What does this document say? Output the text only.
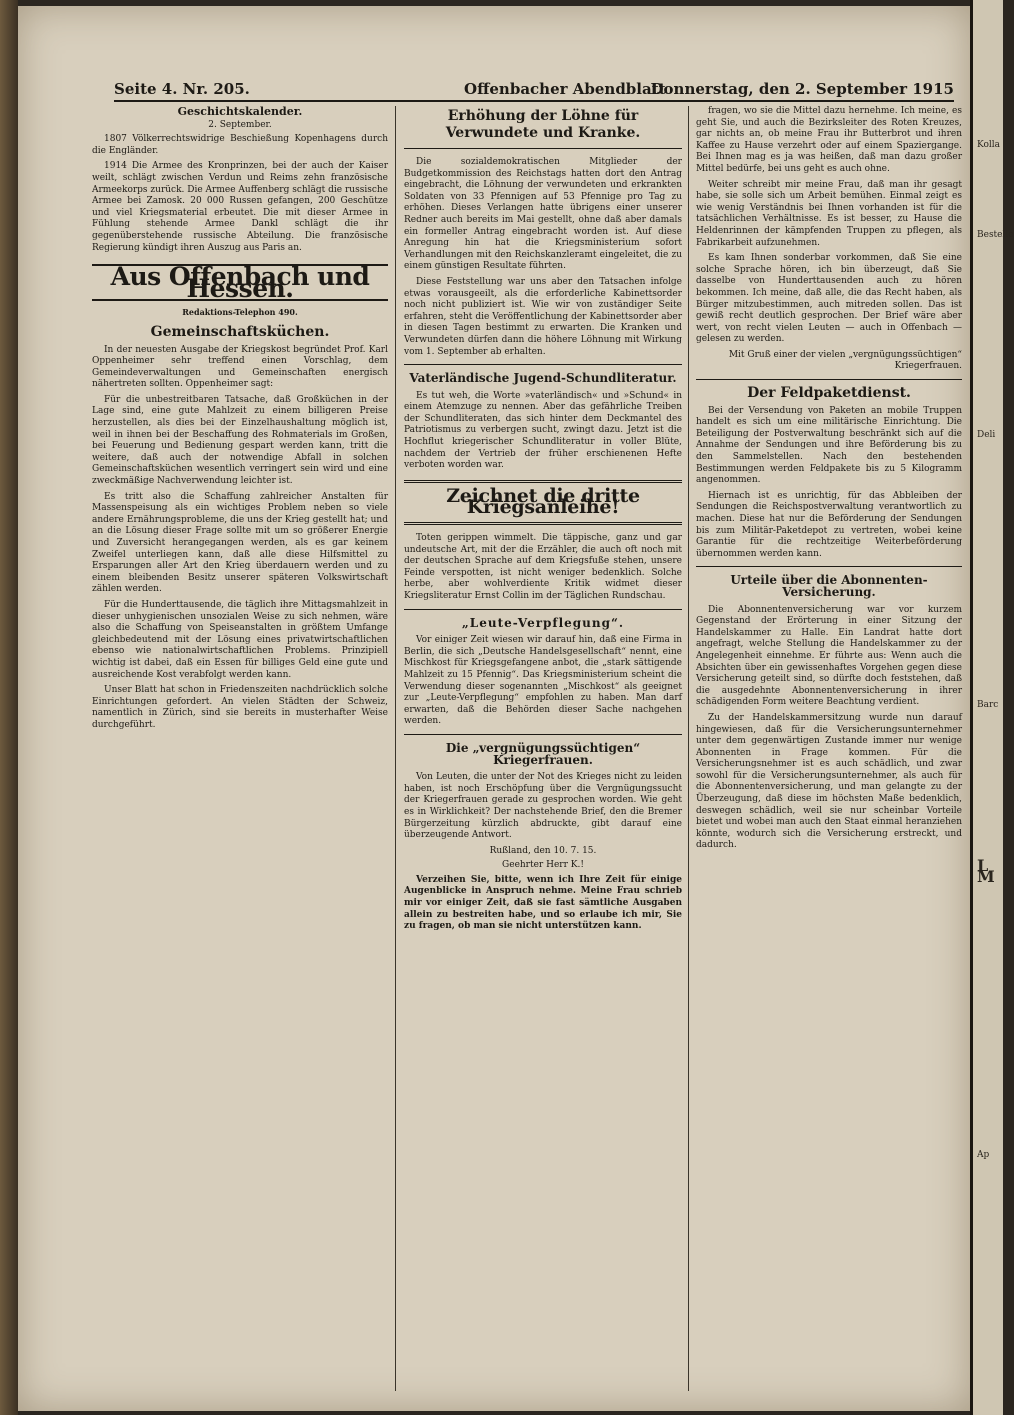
Seite 4. Nr. 205.	Offenbacher Abendblatt
Donnerstag, den 2. September 1915
Geschichtskalender.
2. September.

1807 Völkerrechtswidrige Beschießung Kopenhagens durch die Engländer.

1914 Die Armee des Kronprinzen, bei der auch der Kaiser weilt, schlägt zwischen Verdun und Reims zehn französische Armeekorps zurück. Die Armee Auffenberg schlägt die russische Armee bei Zamosk. 20 000 Russen gefangen, 200 Geschütze und viel Kriegsmaterial erbeutet. Die mit dieser Armee in Fühlung stehende Armee Dankl schlägt die ihr gegenüberstehende russische Abteilung. Die französische Regierung kündigt ihren Auszug aus Paris an.

Aus Offenbach und Hessen.
Redaktions-Telephon 490.
Gemeinschaftsküchen.

In der neuesten Ausgabe der Kriegskost begründet Prof. Karl Oppenheimer sehr treffend einen Vorschlag, dem Gemeindeverwaltungen und Gemeinschaften energisch nähertreten sollten. Oppenheimer sagt:

Für die unbestreitbaren Tatsache, daß Großküchen in der Lage sind, eine gute Mahlzeit zu einem billigeren Preise herzustellen, als dies bei der Einzelhaushaltung möglich ist, weil in ihnen bei der Beschaffung des Rohmaterials im Großen, bei Feuerung und Bedienung gespart werden kann, tritt die weitere, daß auch der notwendige Abfall in solchen Gemeinschaftsküchen wesentlich verringert sein wird und eine zweckmäßige Nachverwendung leichter ist.

Es tritt also die Schaffung zahlreicher Anstalten für Massenspeisung als ein wichtiges Problem neben so viele andere Ernährungsprobleme, die uns der Krieg gestellt hat; und an die Lösung dieser Frage sollte mit um so größerer Energie und Zuversicht herangegangen werden, als es gar keinem Zweifel unterliegen kann, daß alle diese Hilfsmittel zu Ersparungen aller Art den Krieg überdauern werden und zu einem bleibenden Besitz unserer späteren Volkswirtschaft zählen werden.

Für die Hunderttausende, die täglich ihre Mittagsmahlzeit in dieser unhygienischen unsozialen Weise zu sich nehmen, wäre also die Schaffung von Speiseanstalten in größtem Umfange gleichbedeutend mit der Lösung eines privatwirtschaftlichen ebenso wie nationalwirtschaftlichen Problems. Prinzipiell wichtig ist dabei, daß ein Essen für billiges Geld eine gute und ausreichende Kost verabfolgt werden kann.

Unser Blatt hat schon in Friedenszeiten nachdrücklich solche Einrichtungen gefordert. An vielen Städten der Schweiz, namentlich in Zürich, sind sie bereits in musterhafter Weise durchgeführt.

Erhöhung der Löhne für Verwundete und Kranke.

Die sozialdemokratischen Mitglieder der Budgetkommission des Reichstags hatten dort den Antrag eingebracht, die Löhnung der verwundeten und erkrankten Soldaten von 33 Pfennigen auf 53 Pfennige pro Tag zu erhöhen. Dieses Verlangen hatte übrigens einer unserer Redner auch bereits im Mai gestellt, ohne daß aber damals ein formeller Antrag eingebracht worden ist. Auf diese Anregung hin hat die Kriegsministerium sofort Verhandlungen mit den Reichskanzleramt eingeleitet, die zu einem günstigen Resultate führten.

Diese Feststellung war uns aber den Tatsachen infolge etwas vorausgeeilt, als die erforderliche Kabinettsorder noch nicht publiziert ist. Wie wir von zuständiger Seite erfahren, steht die Veröffentlichung der Kabinettsorder aber in diesen Tagen bestimmt zu erwarten. Die Kranken und Verwundeten dürfen dann die höhere Löhnung mit Wirkung vom 1. September ab erhalten.

Vaterländische Jugend-Schundliteratur.

Es tut weh, die Worte »vaterländisch« und »Schund« in einem Atemzuge zu nennen. Aber das gefährliche Treiben der Schundliteraten, das sich hinter dem Deckmantel des Patriotismus zu verbergen sucht, zwingt dazu. Jetzt ist die Hochflut kriegerischer Schundliteratur in voller Blüte, nachdem der Vertrieb der früher erschienenen Hefte verboten worden war.

Zeichnet die dritte Kriegsanleihe!

Toten gerippen wimmelt. Die täppische, ganz und gar undeutsche Art, mit der die Erzähler, die auch oft noch mit der deutschen Sprache auf dem Kriegsfuße stehen, unsere Feinde verspotten, ist nicht weniger bedenklich. Solche herbe, aber wohlverdiente Kritik widmet dieser Kriegsliteratur Ernst Collin im der Täglichen Rundschau.

„Leute-Verpflegung“.

Vor einiger Zeit wiesen wir darauf hin, daß eine Firma in Berlin, die sich „Deutsche Handelsgesellschaft“ nennt, eine Mischkost für Kriegsgefangene anbot, die „stark sättigende Mahlzeit zu 15 Pfennig“. Das Kriegsministerium scheint die Verwendung dieser sogenannten „Mischkost“ als geeignet zur „Leute-Verpflegung“ empfohlen zu haben. Man darf erwarten, daß die Behörden dieser Sache nachgehen werden.

Die „vergnügungssüchtigen“ Kriegerfrauen.

Von Leuten, die unter der Not des Krieges nicht zu leiden haben, ist noch Erschöpfung über die Vergnügungssucht der Kriegerfrauen gerade zu gesprochen worden. Wie geht es in Wirklichkeit? Der nachstehende Brief, den die Bremer Bürgerzeitung kürzlich abdruckte, gibt darauf eine überzeugende Antwort.

Rußland, den 10. 7. 15.
Geehrter Herr K.!

Verzeihen Sie, bitte, wenn ich Ihre Zeit für einige Augenblicke in Anspruch nehme. Meine Frau schrieb mir vor einiger Zeit, daß sie fast sämtliche Ausgaben allein zu bestreiten habe, und so erlaube ich mir, Sie zu fragen, ob man sie nicht unterstützen kann.

fragen, wo sie die Mittel dazu hernehme. Ich meine, es geht Sie, und auch die Bezirksleiter des Roten Kreuzes, gar nichts an, ob meine Frau ihr Butterbrot und ihren Kaffee zu Hause verzehrt oder auf einem Spaziergange. Bei Ihnen mag es ja was heißen, daß man dazu großer Mittel bedürfe, bei uns geht es auch ohne.

Weiter schreibt mir meine Frau, daß man ihr gesagt habe, sie solle sich um Arbeit bemühen. Einmal zeigt es wie wenig Verständnis bei Ihnen vorhanden ist für die tatsächlichen Verhältnisse. Es ist besser, zu Hause die Heldenrinnen der kämpfenden Truppen zu pflegen, als Fabrikarbeit aufzunehmen.

Es kam Ihnen sonderbar vorkommen, daß Sie eine solche Sprache hören, ich bin überzeugt, daß Sie dasselbe von Hunderttausenden auch zu hören bekommen. Ich meine, daß alle, die das Recht haben, als Bürger mitzubestimmen, auch mitreden sollen. Das ist gewiß recht deutlich gesprochen. Der Brief wäre aber wert, von recht vielen Leuten — auch in Offenbach — gelesen zu werden.

Mit Gruß einer der vielen „vergnügungssüchtigen“ Kriegerfrauen.
Der Feldpaketdienst.

Bei der Versendung von Paketen an mobile Truppen handelt es sich um eine militärische Einrichtung. Die Beteiligung der Postverwaltung beschränkt sich auf die Annahme der Sendungen und ihre Beförderung bis zu den Sammelstellen. Nach den bestehenden Bestimmungen werden Feldpakete bis zu 5 Kilogramm angenommen.

Hiernach ist es unrichtig, für das Abbleiben der Sendungen die Reichspostverwaltung verantwortlich zu machen. Diese hat nur die Beförderung der Sendungen bis zum Militär-Paketdepot zu vertreten, wobei keine Garantie für die rechtzeitige Weiterbeförderung übernommen werden kann.

Urteile über die Abonnenten-Versicherung.

Die Abonnentenversicherung war vor kurzem Gegenstand der Erörterung in einer Sitzung der Handelskammer zu Halle. Ein Landrat hatte dort angefragt, welche Stellung die Handelskammer zu der Angelegenheit einnehme. Er führte aus: Wenn auch die Absichten über ein gewissenhaftes Vorgehen gegen diese Versicherung geteilt sind, so dürfte doch feststehen, daß die ausgedehnte Abonnentenversicherung in ihrer schädigenden Form weitere Beachtung verdient.

Zu der Handelskammersitzung wurde nun darauf hingewiesen, daß für die Versicherungsunternehmer unter dem gegenwärtigen Zustande immer nur wenige Abonnenten in Frage kommen. Für die Versicherungsnehmer ist es auch schädlich, und zwar sowohl für die Versicherungsunternehmer, als auch für die Abonnentenversicherung, und man gelangte zu der Überzeugung, daß diese im höchsten Maße bedenklich, deswegen schädlich, weil sie nur scheinbar Vorteile bietet und wobei man auch den Staat einmal heranziehen könnte, wodurch sich die Versicherung erstreckt, und dadurch.

Kolla
Bestelle
Deli
Barc
L M
Ap
